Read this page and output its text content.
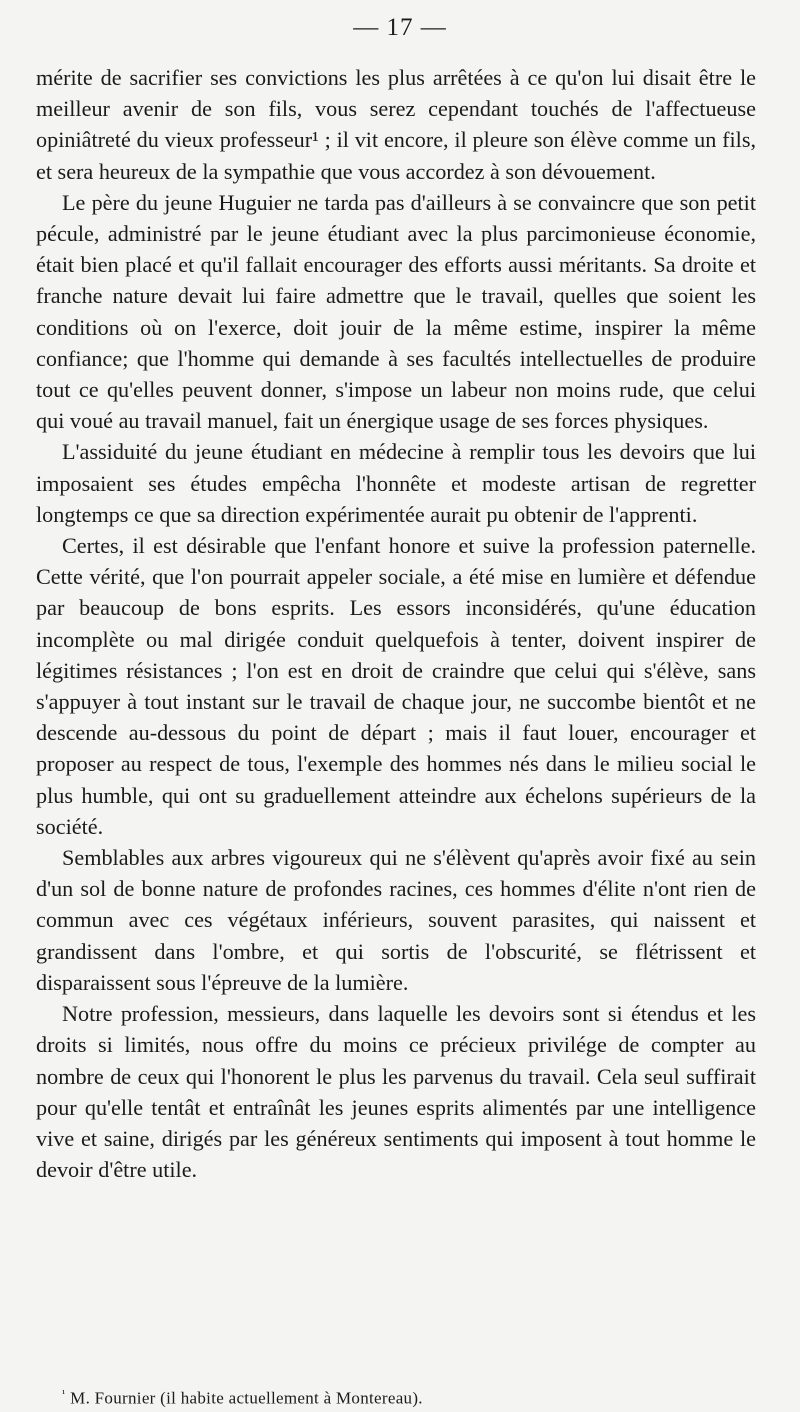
— 17 —

mérite de sacrifier ses convictions les plus arrêtées à ce qu'on lui disait être le meilleur avenir de son fils, vous serez cependant touchés de l'affectueuse opiniâtreté du vieux professeur¹ ; il vit encore, il pleure son élève comme un fils, et sera heureux de la sympathie que vous accordez à son dévouement.

Le père du jeune Huguier ne tarda pas d'ailleurs à se convaincre que son petit pécule, administré par le jeune étudiant avec la plus parcimonieuse économie, était bien placé et qu'il fallait encourager des efforts aussi méritants. Sa droite et franche nature devait lui faire admettre que le travail, quelles que soient les conditions où on l'exerce, doit jouir de la même estime, inspirer la même confiance; que l'homme qui demande à ses facultés intellectuelles de produire tout ce qu'elles peuvent donner, s'impose un labeur non moins rude, que celui qui voué au travail manuel, fait un énergique usage de ses forces physiques.

L'assiduité du jeune étudiant en médecine à remplir tous les devoirs que lui imposaient ses études empêcha l'honnête et modeste artisan de regretter longtemps ce que sa direction expérimentée aurait pu obtenir de l'apprenti.

Certes, il est désirable que l'enfant honore et suive la profession paternelle. Cette vérité, que l'on pourrait appeler sociale, a été mise en lumière et défendue par beaucoup de bons esprits. Les essors inconsidérés, qu'une éducation incomplète ou mal dirigée conduit quelquefois à tenter, doivent inspirer de légitimes résistances ; l'on est en droit de craindre que celui qui s'élève, sans s'appuyer à tout instant sur le travail de chaque jour, ne succombe bientôt et ne descende au-dessous du point de départ ; mais il faut louer, encourager et proposer au respect de tous, l'exemple des hommes nés dans le milieu social le plus humble, qui ont su graduellement atteindre aux échelons supérieurs de la société.

Semblables aux arbres vigoureux qui ne s'élèvent qu'après avoir fixé au sein d'un sol de bonne nature de profondes racines, ces hommes d'élite n'ont rien de commun avec ces végétaux inférieurs, souvent parasites, qui naissent et grandissent dans l'ombre, et qui sortis de l'obscurité, se flétrissent et disparaissent sous l'épreuve de la lumière.

Notre profession, messieurs, dans laquelle les devoirs sont si étendus et les droits si limités, nous offre du moins ce précieux privilége de compter au nombre de ceux qui l'honorent le plus les parvenus du travail. Cela seul suffirait pour qu'elle tentât et entraînât les jeunes esprits alimentés par une intelligence vive et saine, dirigés par les généreux sentiments qui imposent à tout homme le devoir d'être utile.

$^{^1}$ M. Fournier (il habite actuellement à Montereau).
